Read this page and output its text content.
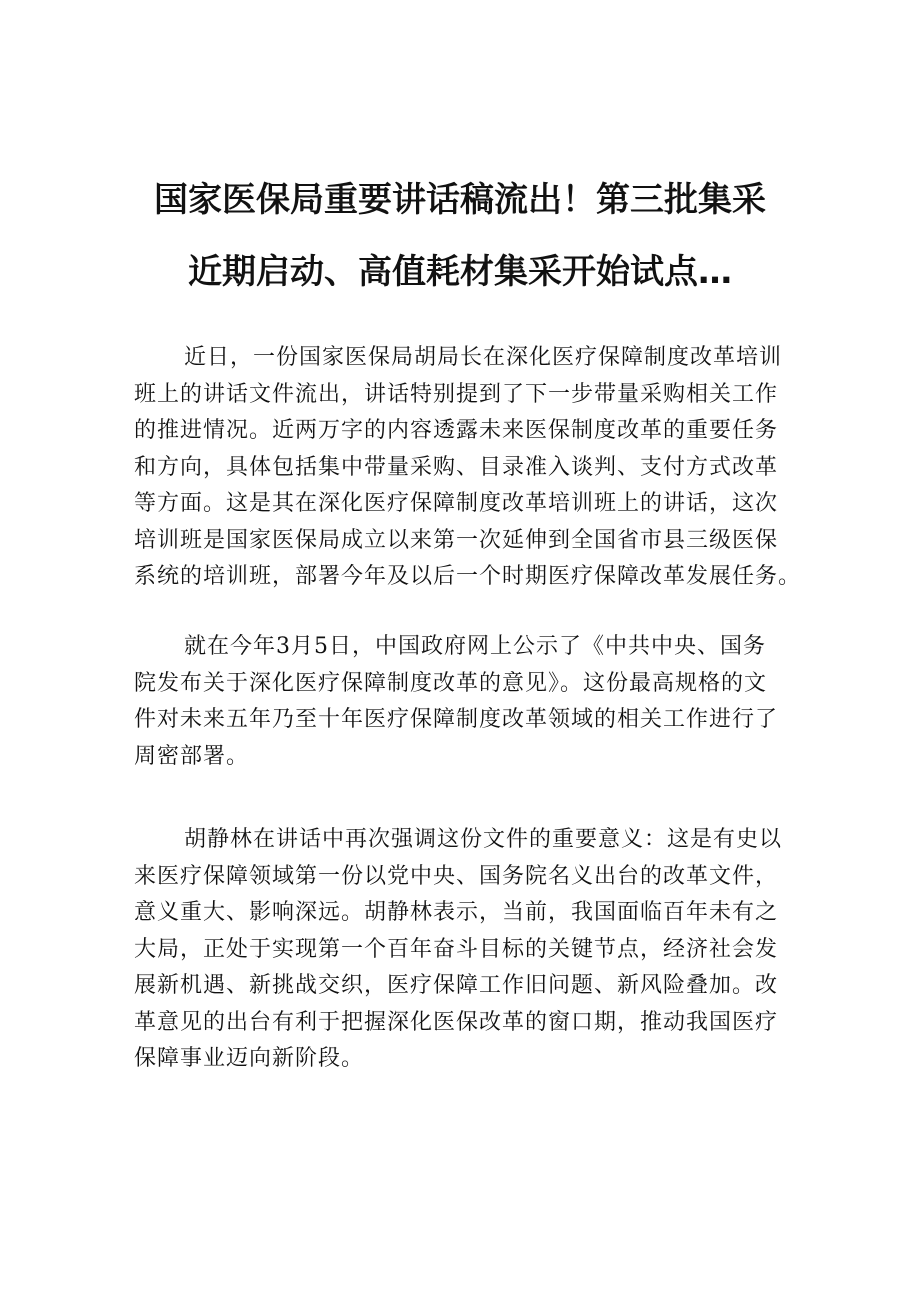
国家医保局重要讲话稿流出！第三批集采
近期启动、高值耗材集采开始试点…
近日，一份国家医保局胡局长在深化医疗保障制度改革培训
班上的讲话文件流出，讲话特别提到了下一步带量采购相关工作
的推进情况。近两万字的内容透露未来医保制度改革的重要任务
和方向，具体包括集中带量采购、目录准入谈判、支付方式改革
等方面。这是其在深化医疗保障制度改革培训班上的讲话，这次
培训班是国家医保局成立以来第一次延伸到全国省市县三级医保
系统的培训班，部署今年及以后一个时期医疗保障改革发展任务。
就在今年3月5日，中国政府网上公示了《中共中央、国务
院发布关于深化医疗保障制度改革的意见》。这份最高规格的文
件对未来五年乃至十年医疗保障制度改革领域的相关工作进行了
周密部署。
胡静林在讲话中再次强调这份文件的重要意义：这是有史以
来医疗保障领域第一份以党中央、国务院名义出台的改革文件，
意义重大、影响深远。胡静林表示，当前，我国面临百年未有之
大局，正处于实现第一个百年奋斗目标的关键节点，经济社会发
展新机遇、新挑战交织，医疗保障工作旧问题、新风险叠加。改
革意见的出台有利于把握深化医保改革的窗口期，推动我国医疗
保障事业迈向新阶段。
